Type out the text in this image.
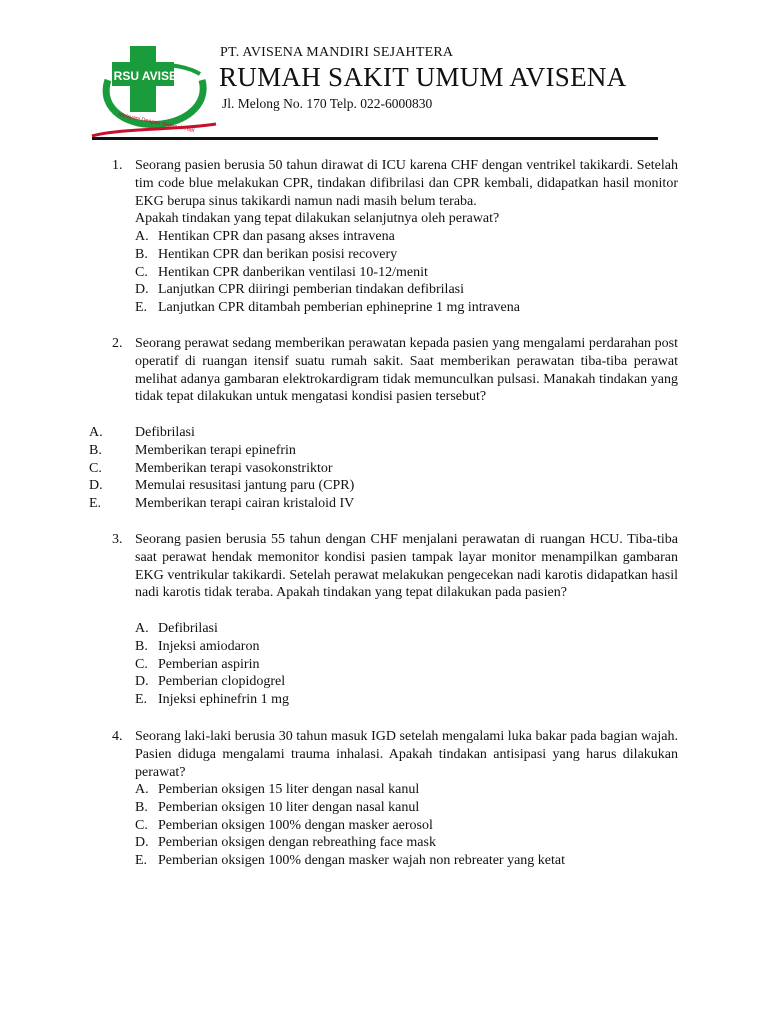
RSU AVISENA
Melayani Dengan Sepenuh Hati
PT. AVISENA MANDIRI SEJAHTERA
RUMAH SAKIT UMUM AVISENA
Jl. Melong No. 170 Telp. 022-6000830
1. Seorang pasien berusia 50 tahun dirawat di ICU karena CHF dengan ventrikel takikardi. Setelah tim code blue melakukan CPR, tindakan difibrilasi dan CPR kembali, didapatkan hasil monitor EKG berupa sinus takikardi namun nadi masih belum teraba.
Apakah tindakan yang tepat dilakukan selanjutnya oleh perawat?
A. Hentikan CPR dan pasang akses intravena
B. Hentikan CPR dan berikan posisi recovery
C. Hentikan CPR danberikan ventilasi 10-12/menit
D. Lanjutkan CPR diiringi pemberian tindakan defibrilasi
E. Lanjutkan CPR ditambah pemberian ephineprine 1 mg intravena
2. Seorang perawat sedang memberikan perawatan kepada pasien yang mengalami perdarahan post operatif di ruangan itensif suatu rumah sakit. Saat memberikan perawatan tiba-tiba perawat melihat adanya gambaran elektrokardigram tidak memunculkan pulsasi. Manakah tindakan yang tidak tepat dilakukan untuk mengatasi kondisi pasien tersebut?
A.	Defibrilasi
B.	Memberikan terapi epinefrin
C.	Memberikan terapi vasokonstriktor
D.	Memulai resusitasi jantung paru (CPR)
E.	Memberikan terapi cairan kristaloid IV
3. Seorang pasien berusia 55 tahun dengan CHF menjalani perawatan di ruangan HCU. Tiba-tiba saat perawat hendak memonitor kondisi pasien tampak layar monitor menampilkan gambaran EKG ventrikular takikardi. Setelah perawat melakukan pengecekan nadi karotis didapatkan hasil nadi karotis tidak teraba. Apakah tindakan yang tepat dilakukan pada pasien?
A. Defibrilasi
B. Injeksi amiodaron
C. Pemberian aspirin
D. Pemberian clopidogrel
E. Injeksi ephinefrin 1 mg
4. Seorang laki-laki berusia 30 tahun masuk IGD setelah mengalami luka bakar pada bagian wajah. Pasien diduga mengalami trauma inhalasi. Apakah tindakan antisipasi yang harus dilakukan perawat?
A. Pemberian oksigen 15 liter dengan nasal kanul
B. Pemberian oksigen 10 liter dengan nasal kanul
C. Pemberian oksigen 100% dengan masker aerosol
D. Pemberian oksigen dengan rebreathing face mask
E. Pemberian oksigen 100% dengan masker wajah non rebreater yang ketat
